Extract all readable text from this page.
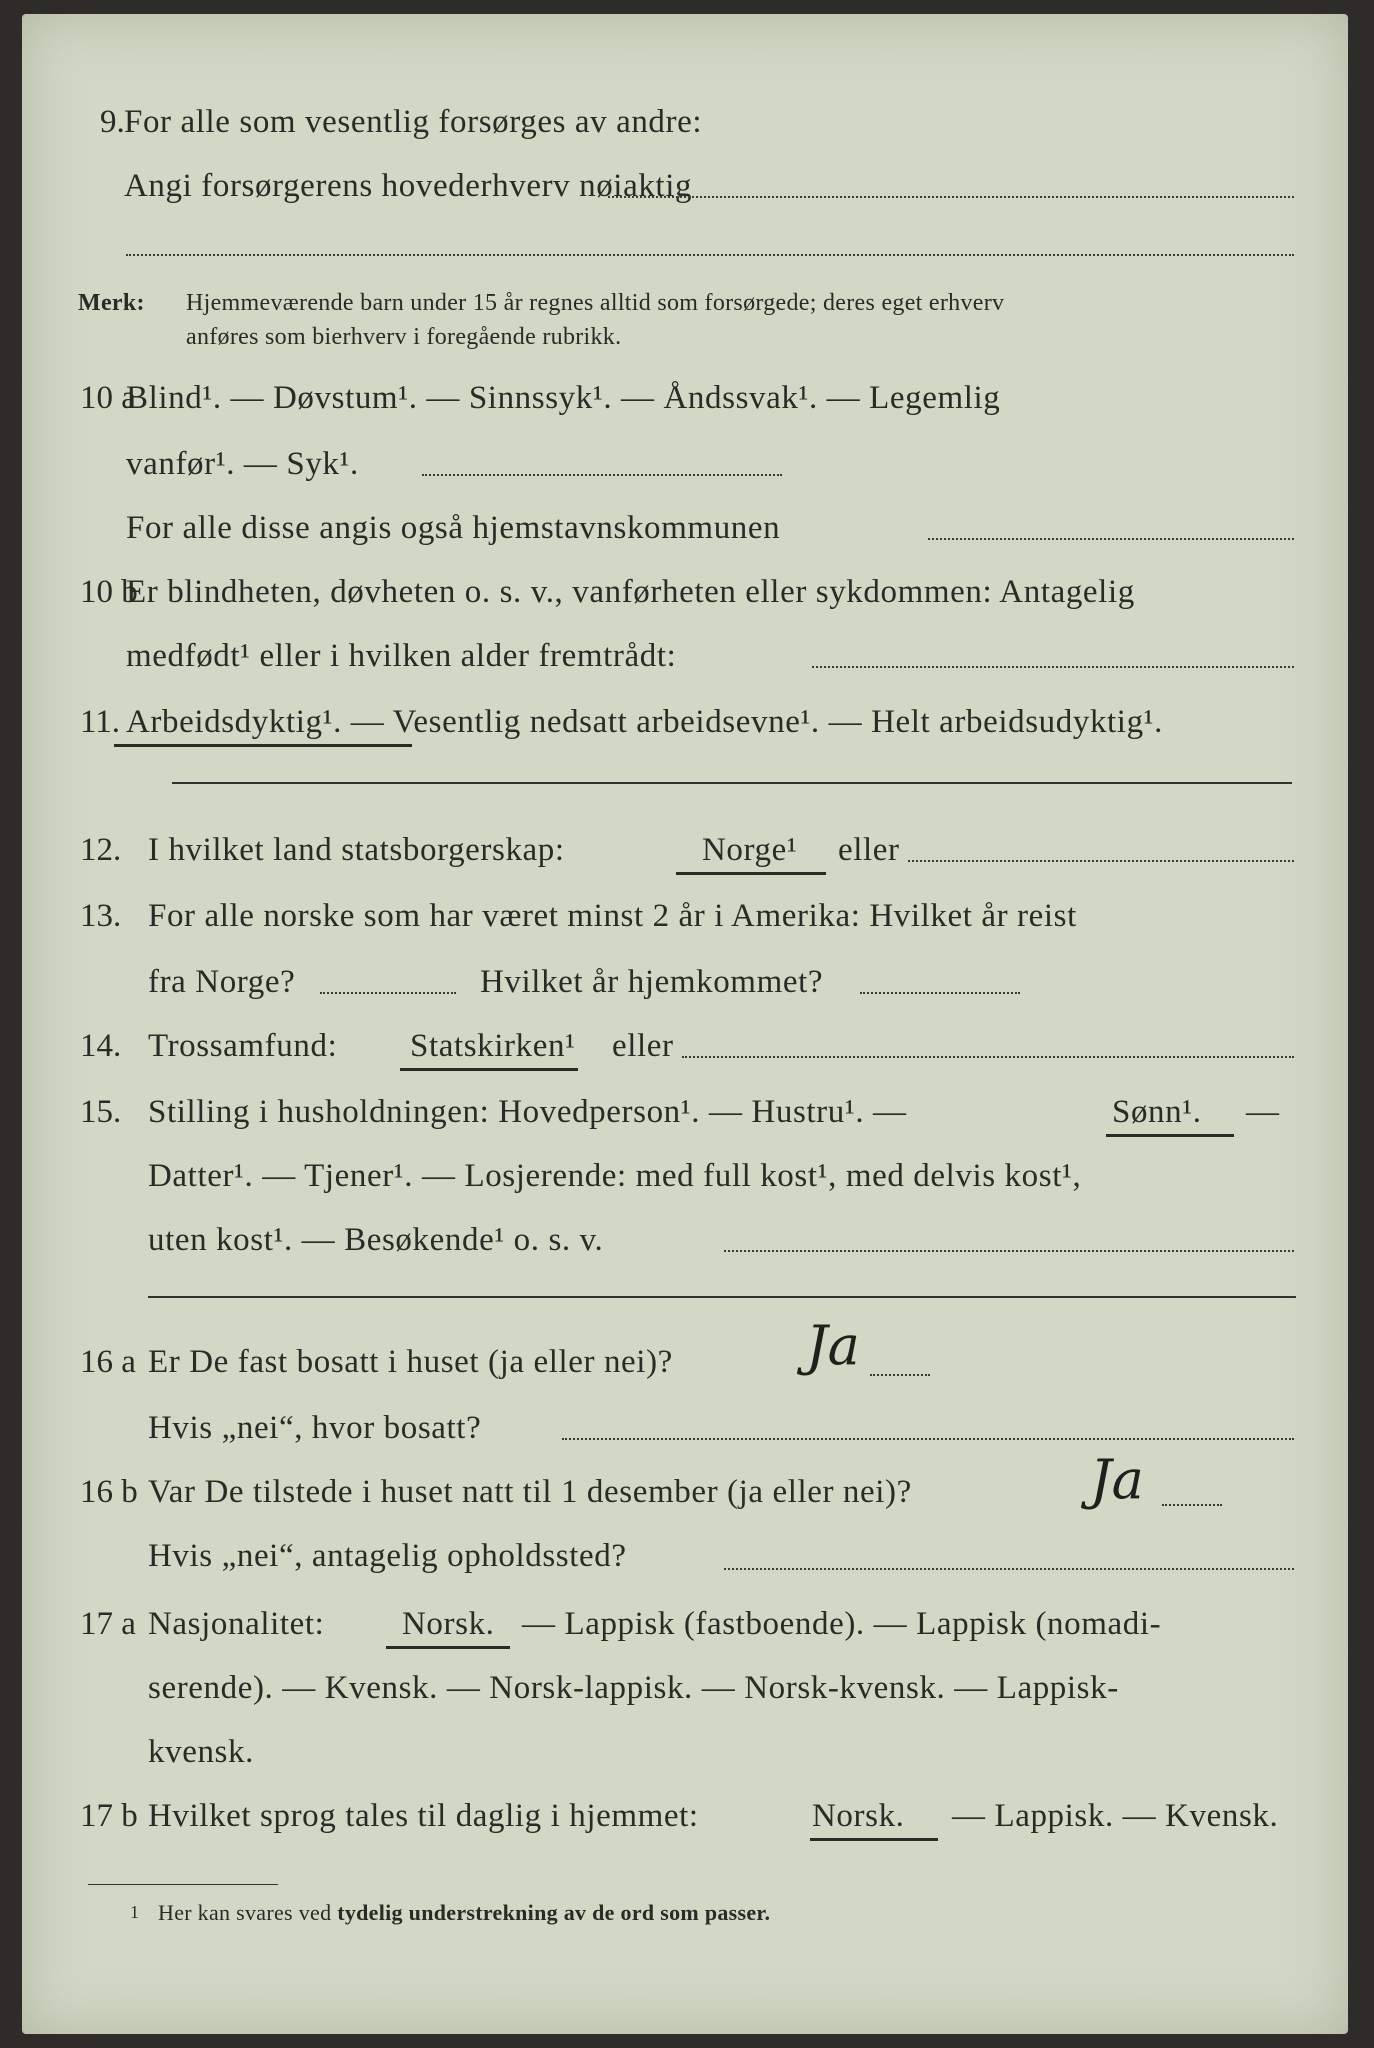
9. For alle som vesentlig forsørges av andre:
Angi forsørgerens hovederhverv nøiaktig
Merk: Hjemmeværende barn under 15 år regnes alltid som forsørgede; deres eget erhverv
anføres som bierhverv i foregående rubrikk.
10 a
Blind¹. — Døvstum¹. — Sinnssyk¹. — Åndssvak¹. — Legemlig
vanfør¹. — Syk¹.
For alle disse angis også hjemstavnskommunen
10 b
Er blindheten, døvheten o. s. v., vanførheten eller sykdommen: Antagelig
medfødt¹ eller i hvilken alder fremtrådt:
11. Arbeidsdyktig¹. — Vesentlig nedsatt arbeidsevne¹. — Helt arbeidsudyktig¹.
12. I hvilket land statsborgerskap:	Norge¹ eller
13. For alle norske som har været minst 2 år i Amerika: Hvilket år reist
fra Norge?	Hvilket år hjemkommet?
14. Trossamfund: Statskirken¹ eller
15. Stilling i husholdningen: Hovedperson¹. — Hustru¹. —	Sønn¹. —
Datter¹. — Tjener¹. — Losjerende: med full kost¹, med delvis kost¹,
uten kost¹. — Besøkende¹ o. s. v.
16 a Er De fast bosatt i huset (ja eller nei)? Ja
Hvis „nei“, hvor bosatt?
16 b Var De tilstede i huset natt til 1 desember (ja eller nei)?	Ja
Hvis „nei“, antagelig opholdssted?
17 a Nasjonalitet: Norsk. — Lappisk (fastboende). — Lappisk (nomadi-
serende). — Kvensk. — Norsk-lappisk. — Norsk-kvensk. — Lappisk-
kvensk.
17 b Hvilket sprog tales til daglig i hjemmet:	Norsk. — Lappisk. — Kvensk.
1 Her kan svares ved tydelig understrekning av de ord som passer.
